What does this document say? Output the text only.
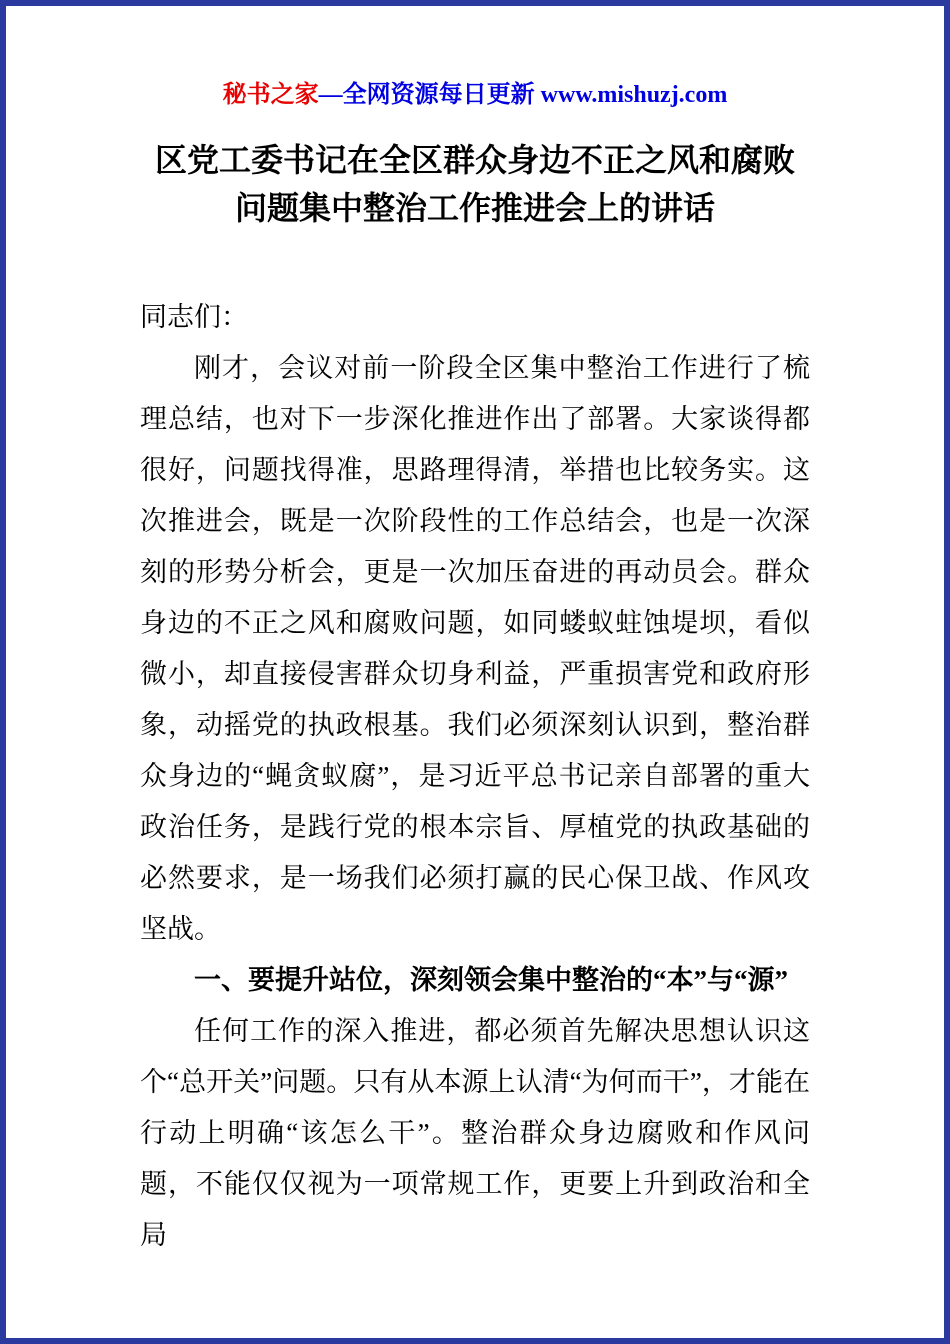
秘书之家—全网资源每日更新 www.mishuzj.com
区党工委书记在全区群众身边不正之风和腐败
问题集中整治工作推进会上的讲话

同志们：

刚才，会议对前一阶段全区集中整治工作进行了梳理总结，也对下一步深化推进作出了部署。大家谈得都很好，问题找得准，思路理得清，举措也比较务实。这次推进会，既是一次阶段性的工作总结会，也是一次深刻的形势分析会，更是一次加压奋进的再动员会。群众身边的不正之风和腐败问题，如同蝼蚁蛀蚀堤坝，看似微小，却直接侵害群众切身利益，严重损害党和政府形象，动摇党的执政根基。我们必须深刻认识到，整治群众身边的“蝇贪蚁腐”，是习近平总书记亲自部署的重大政治任务，是践行党的根本宗旨、厚植党的执政基础的必然要求，是一场我们必须打赢的民心保卫战、作风攻坚战。

一、要提升站位，深刻领会集中整治的“本”与“源”

任何工作的深入推进，都必须首先解决思想认识这个“总开关”问题。只有从本源上认清“为何而干”，才能在行动上明确“该怎么干”。整治群众身边腐败和作风问题，不能仅仅视为一项常规工作，更要上升到政治和全局
